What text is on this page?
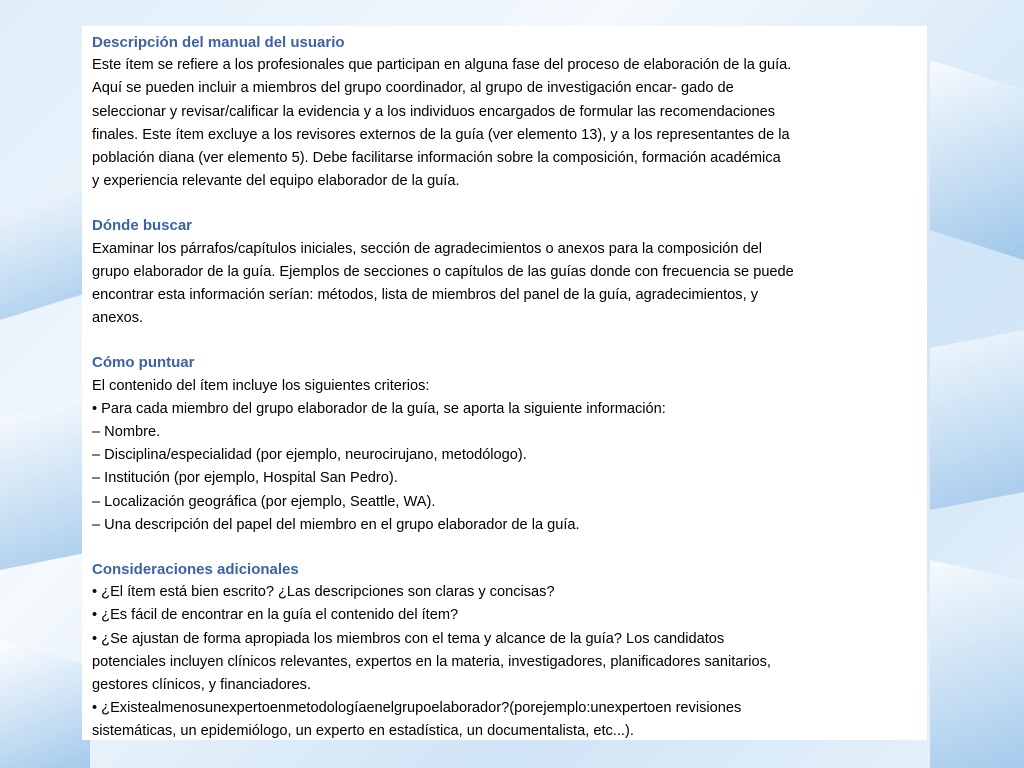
Descripción del manual del usuario

Este ítem se refiere a los profesionales que participan en alguna fase del proceso de elaboración de la guía.
Aquí se pueden incluir a miembros del grupo coordinador, al grupo de investigación encar- gado de
seleccionar y revisar/calificar la evidencia y a los individuos encargados de formular las recomendaciones
finales. Este ítem excluye a los revisores externos de la guía (ver elemento 13), y a los representantes de la
población diana (ver elemento 5). Debe facilitarse información sobre la composición, formación académica
y experiencia relevante del equipo elaborador de la guía.

Dónde buscar

Examinar los párrafos/capítulos iniciales, sección de agradecimientos o anexos para la composición del
grupo elaborador de la guía. Ejemplos de secciones o capítulos de las guías donde con frecuencia se puede
encontrar esta información serían: métodos, lista de miembros del panel de la guía, agradecimientos, y
anexos.

Cómo puntuar

El contenido del ítem incluye los siguientes criterios:
• Para cada miembro del grupo elaborador de la guía, se aporta la siguiente información:
– Nombre.
– Disciplina/especialidad (por ejemplo, neurocirujano, metodólogo).
– Institución (por ejemplo, Hospital San Pedro).
– Localización geográfica (por ejemplo, Seattle, WA).
– Una descripción del papel del miembro en el grupo elaborador de la guía.

Consideraciones adicionales

• ¿El ítem está bien escrito? ¿Las descripciones son claras y concisas?
• ¿Es fácil de encontrar en la guía el contenido del ítem?
• ¿Se ajustan de forma apropiada los miembros con el tema y alcance de la guía? Los candidatos
potenciales incluyen clínicos relevantes, expertos en la materia, investigadores, planificadores sanitarios,
gestores clínicos, y financiadores.
• ¿Existealmenosunexpertoenmetodologíaenelgrupoelaborador?(porejemplo:unexpertoen revisiones
sistemáticas, un epidemiólogo, un experto en estadística, un documentalista, etc...).
